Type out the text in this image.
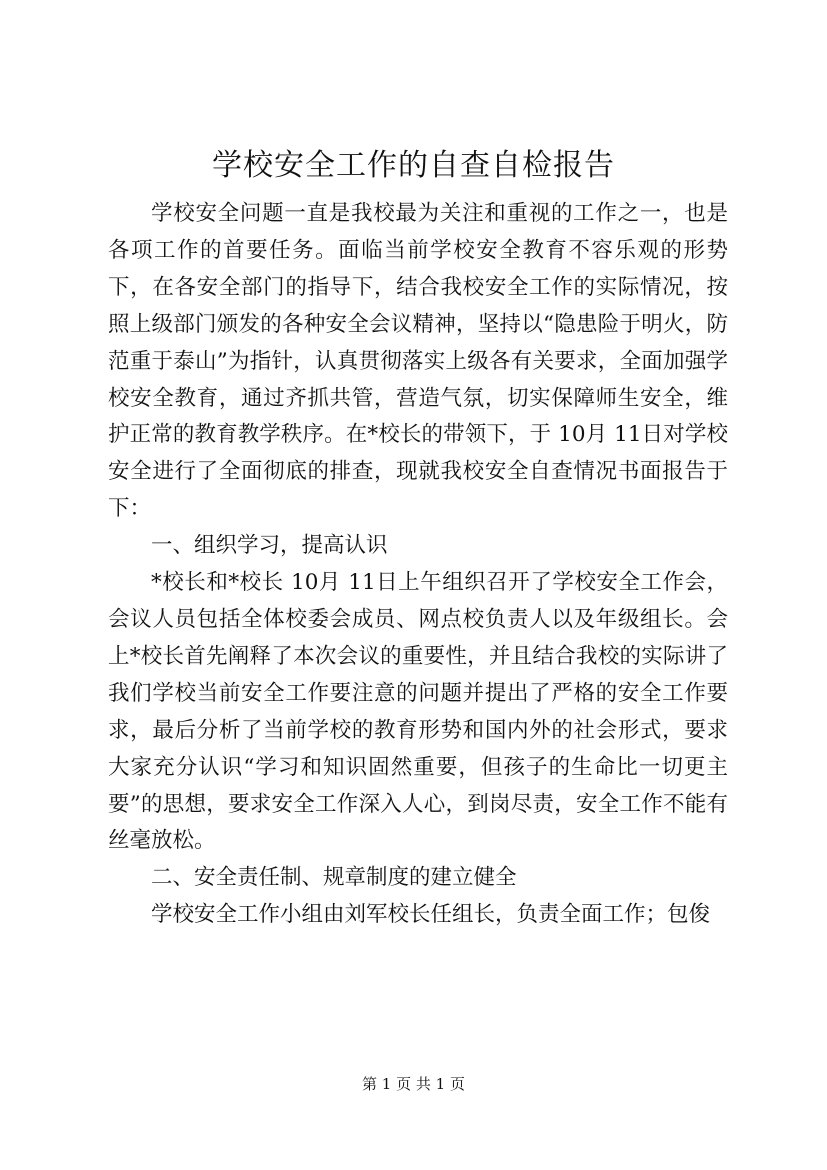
学校安全工作的自查自检报告

学校安全问题一直是我校最为关注和重视的工作之一，也是各项工作的首要任务。面临当前学校安全教育不容乐观的形势下，在各安全部门的指导下，结合我校安全工作的实际情况，按照上级部门颁发的各种安全会议精神，坚持以“隐患险于明火，防范重于泰山”为指针，认真贯彻落实上级各有关要求，全面加强学校安全教育，通过齐抓共管，营造气氛，切实保障师生安全，维护正常的教育教学秩序。在*校长的带领下，于 10月 11日对学校安全进行了全面彻底的排查，现就我校安全自查情况书面报告于下：

一、组织学习，提高认识

*校长和*校长 10月 11日上午组织召开了学校安全工作会，会议人员包括全体校委会成员、网点校负责人以及年级组长。会上*校长首先阐释了本次会议的重要性，并且结合我校的实际讲了我们学校当前安全工作要注意的问题并提出了严格的安全工作要求，最后分析了当前学校的教育形势和国内外的社会形式，要求大家充分认识“学习和知识固然重要，但孩子的生命比一切更主要”的思想，要求安全工作深入人心，到岗尽责，安全工作不能有丝毫放松。

二、安全责任制、规章制度的建立健全

学校安全工作小组由刘军校长任组长，负责全面工作；包俊

第 1 页 共 1 页
